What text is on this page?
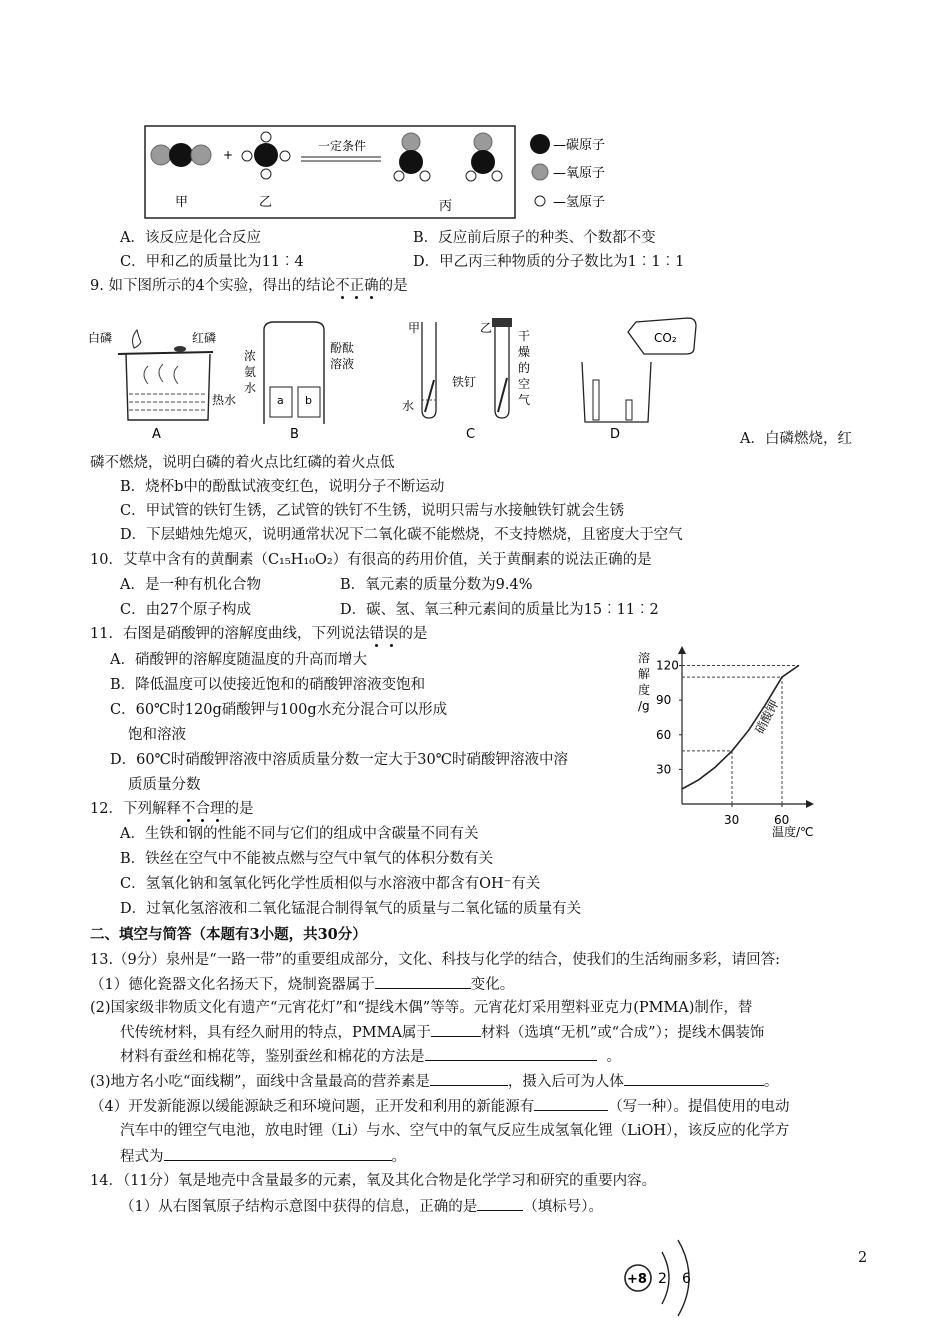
+
一定条件
甲	乙	丙
—碳原子
—氧原子
—氢原子
A．该反应是化合反应	B．反应前后原子的种类、个数都不变
C．甲和乙的质量比为11︰4	D．甲乙丙三种物质的分子数比为1︰1︰1
9. 如下图所示的4个实验，得出的结论不正确的是
白磷	红磷
热水
A
浓
氨
水
酚酞
溶液
a b
B
甲
水
铁钉
乙
干
燥
的
空
气
C
CO₂
D	A．白磷燃烧，红
磷不燃烧，说明白磷的着火点比红磷的着火点低
B．烧杯b中的酚酞试液变红色，说明分子不断运动
C．甲试管的铁钉生锈，乙试管的铁钉不生锈，说明只需与水接触铁钉就会生锈
D．下层蜡烛先熄灭，说明通常状况下二氧化碳不能燃烧，不支持燃烧，且密度大于空气
10．艾草中含有的黄酮素（C₁₅H₁₀O₂）有很高的药用价值，关于黄酮素的说法正确的是
A．是一种有机化合物	B．氧元素的质量分数为9.4%
C．由27个原子构成	D．碳、氢、氧三种元素间的质量比为15︰11︰2
11．右图是硝酸钾的溶解度曲线，下列说法错误的是
A．硝酸钾的溶解度随温度的升高而增大
B．降低温度可以使接近饱和的硝酸钾溶液变饱和
C．60℃时120g硝酸钾与100g水充分混合可以形成
饱和溶液
D．60℃时硝酸钾溶液中溶质质量分数一定大于30℃时硝酸钾溶液中溶
质质量分数
溶
解
度
/g
30
60
90
120
30	60
硝酸钾
温度/℃
12．下列解释不合理的是
A．生铁和钢的性能不同与它们的组成中含碳量不同有关
B．铁丝在空气中不能被点燃与空气中氧气的体积分数有关
C．氢氧化钠和氢氧化钙化学性质相似与水溶液中都含有OH⁻有关
D．过氧化氢溶液和二氧化锰混合制得氧气的质量与二氧化锰的质量有关
二、填空与简答（本题有3小题，共30分）
13.（9分）泉州是“一路一带”的重要组成部分，文化、科技与化学的结合，使我们的生活绚丽多彩，请回答:
（1）德化瓷器文化名扬天下，烧制瓷器属于	变化。
(2)国家级非物质文化有遗产“元宵花灯”和“提线木偶”等等。元宵花灯采用塑料亚克力(PMMA)制作，替
代传统材料，具有经久耐用的特点，PMMA属于	材料（选填“无机”或“合成”）；提线木偶装饰
材料有蚕丝和棉花等，鉴别蚕丝和棉花的方法是	。
(3)地方名小吃“面线糊”，面线中含量最高的营养素是	，摄入后可为人体	。
（4）开发新能源以缓能源缺乏和环境问题，正开发和利用的新能源有	（写一种）。提倡使用的电动
汽车中的锂空气电池，放电时锂（Li）与水、空气中的氧气反应生成氢氧化锂（LiOH），该反应的化学方
程式为	。
14．（11分）氧是地壳中含量最多的元素，氧及其化合物是化学学习和研究的重要内容。
（1）从右图氧原子结构示意图中获得的信息，正确的是	（填标号）。
+8 2 6
2
